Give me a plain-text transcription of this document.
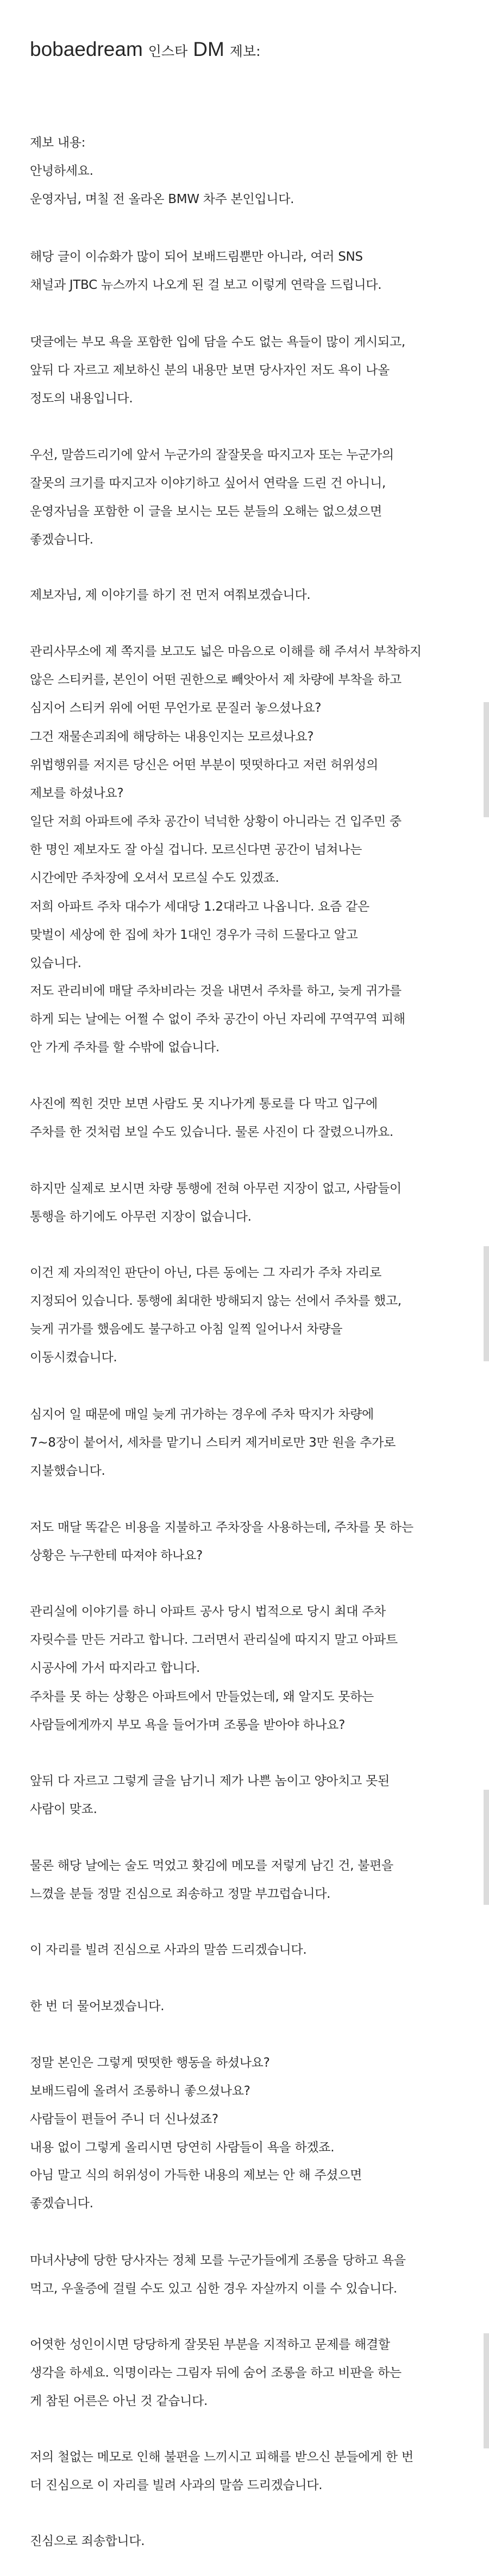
bobaedream 인스타 DM 제보:
제보 내용:
안녕하세요.
운영자님, 며칠 전 올라온 BMW 차주 본인입니다.
해당 글이 이슈화가 많이 되어 보배드림뿐만 아니라, 여러 SNS
채널과 JTBC 뉴스까지 나오게 된 걸 보고 이렇게 연락을 드립니다.
댓글에는 부모 욕을 포함한 입에 담을 수도 없는 욕들이 많이 게시되고,
앞뒤 다 자르고 제보하신 분의 내용만 보면 당사자인 저도 욕이 나올
정도의 내용입니다.
우선, 말씀드리기에 앞서 누군가의 잘잘못을 따지고자 또는 누군가의
잘못의 크기를 따지고자 이야기하고 싶어서 연락을 드린 건 아니니,
운영자님을 포함한 이 글을 보시는 모든 분들의 오해는 없으셨으면
좋겠습니다.
제보자님, 제 이야기를 하기 전 먼저 여쭤보겠습니다.
관리사무소에 제 쪽지를 보고도 넓은 마음으로 이해를 해 주셔서 부착하지
않은 스티커를, 본인이 어떤 권한으로 빼앗아서 제 차량에 부착을 하고
심지어 스티커 위에 어떤 무언가로 문질러 놓으셨나요?
그건 재물손괴죄에 해당하는 내용인지는 모르셨나요?
위법행위를 저지른 당신은 어떤 부분이 떳떳하다고 저런 허위성의
제보를 하셨나요?
일단 저희 아파트에 주차 공간이 넉넉한 상황이 아니라는 건 입주민 중
한 명인 제보자도 잘 아실 겁니다. 모르신다면 공간이 넘쳐나는
시간에만 주차장에 오셔서 모르실 수도 있겠죠.
저희 아파트 주차 대수가 세대당 1.2대라고 나옵니다. 요즘 같은
맞벌이 세상에 한 집에 차가 1대인 경우가 극히 드물다고 알고
있습니다.
저도 관리비에 매달 주차비라는 것을 내면서 주차를 하고, 늦게 귀가를
하게 되는 날에는 어쩔 수 없이 주차 공간이 아닌 자리에 꾸역꾸역 피해
안 가게 주차를 할 수밖에 없습니다.
사진에 찍힌 것만 보면 사람도 못 지나가게 통로를 다 막고 입구에
주차를 한 것처럼 보일 수도 있습니다. 물론 사진이 다 잘렸으니까요.
하지만 실제로 보시면 차량 통행에 전혀 아무런 지장이 없고, 사람들이
통행을 하기에도 아무런 지장이 없습니다.
이건 제 자의적인 판단이 아닌, 다른 동에는 그 자리가 주차 자리로
지정되어 있습니다. 통행에 최대한 방해되지 않는 선에서 주차를 했고,
늦게 귀가를 했음에도 불구하고 아침 일찍 일어나서 차량을
이동시켰습니다.
심지어 일 때문에 매일 늦게 귀가하는 경우에 주차 딱지가 차량에
7~8장이 붙어서, 세차를 맡기니 스티커 제거비로만 3만 원을 추가로
지불했습니다.
저도 매달 똑같은 비용을 지불하고 주차장을 사용하는데, 주차를 못 하는
상황은 누구한테 따져야 하나요?
관리실에 이야기를 하니 아파트 공사 당시 법적으로 당시 최대 주차
자릿수를 만든 거라고 합니다. 그러면서 관리실에 따지지 말고 아파트
시공사에 가서 따지라고 합니다.
주차를 못 하는 상황은 아파트에서 만들었는데, 왜 알지도 못하는
사람들에게까지 부모 욕을 들어가며 조롱을 받아야 하나요?
앞뒤 다 자르고 그렇게 글을 남기니 제가 나쁜 놈이고 양아치고 못된
사람이 맞죠.
물론 해당 날에는 술도 먹었고 홧김에 메모를 저렇게 남긴 건, 불편을
느꼈을 분들 정말 진심으로 죄송하고 정말 부끄럽습니다.
이 자리를 빌려 진심으로 사과의 말씀 드리겠습니다.
한 번 더 물어보겠습니다.
정말 본인은 그렇게 떳떳한 행동을 하셨나요?
보배드림에 올려서 조롱하니 좋으셨나요?
사람들이 편들어 주니 더 신나셨죠?
내용 없이 그렇게 올리시면 당연히 사람들이 욕을 하겠죠.
아님 말고 식의 허위성이 가득한 내용의 제보는 안 해 주셨으면
좋겠습니다.
마녀사냥에 당한 당사자는 정체 모를 누군가들에게 조롱을 당하고 욕을
먹고, 우울증에 걸릴 수도 있고 심한 경우 자살까지 이를 수 있습니다.
어엿한 성인이시면 당당하게 잘못된 부분을 지적하고 문제를 해결할
생각을 하세요. 익명이라는 그림자 뒤에 숨어 조롱을 하고 비판을 하는
게 참된 어른은 아닌 것 같습니다.
저의 철없는 메모로 인해 불편을 느끼시고 피해를 받으신 분들에게 한 번
더 진심으로 이 자리를 빌려 사과의 말씀 드리겠습니다.
진심으로 죄송합니다.
